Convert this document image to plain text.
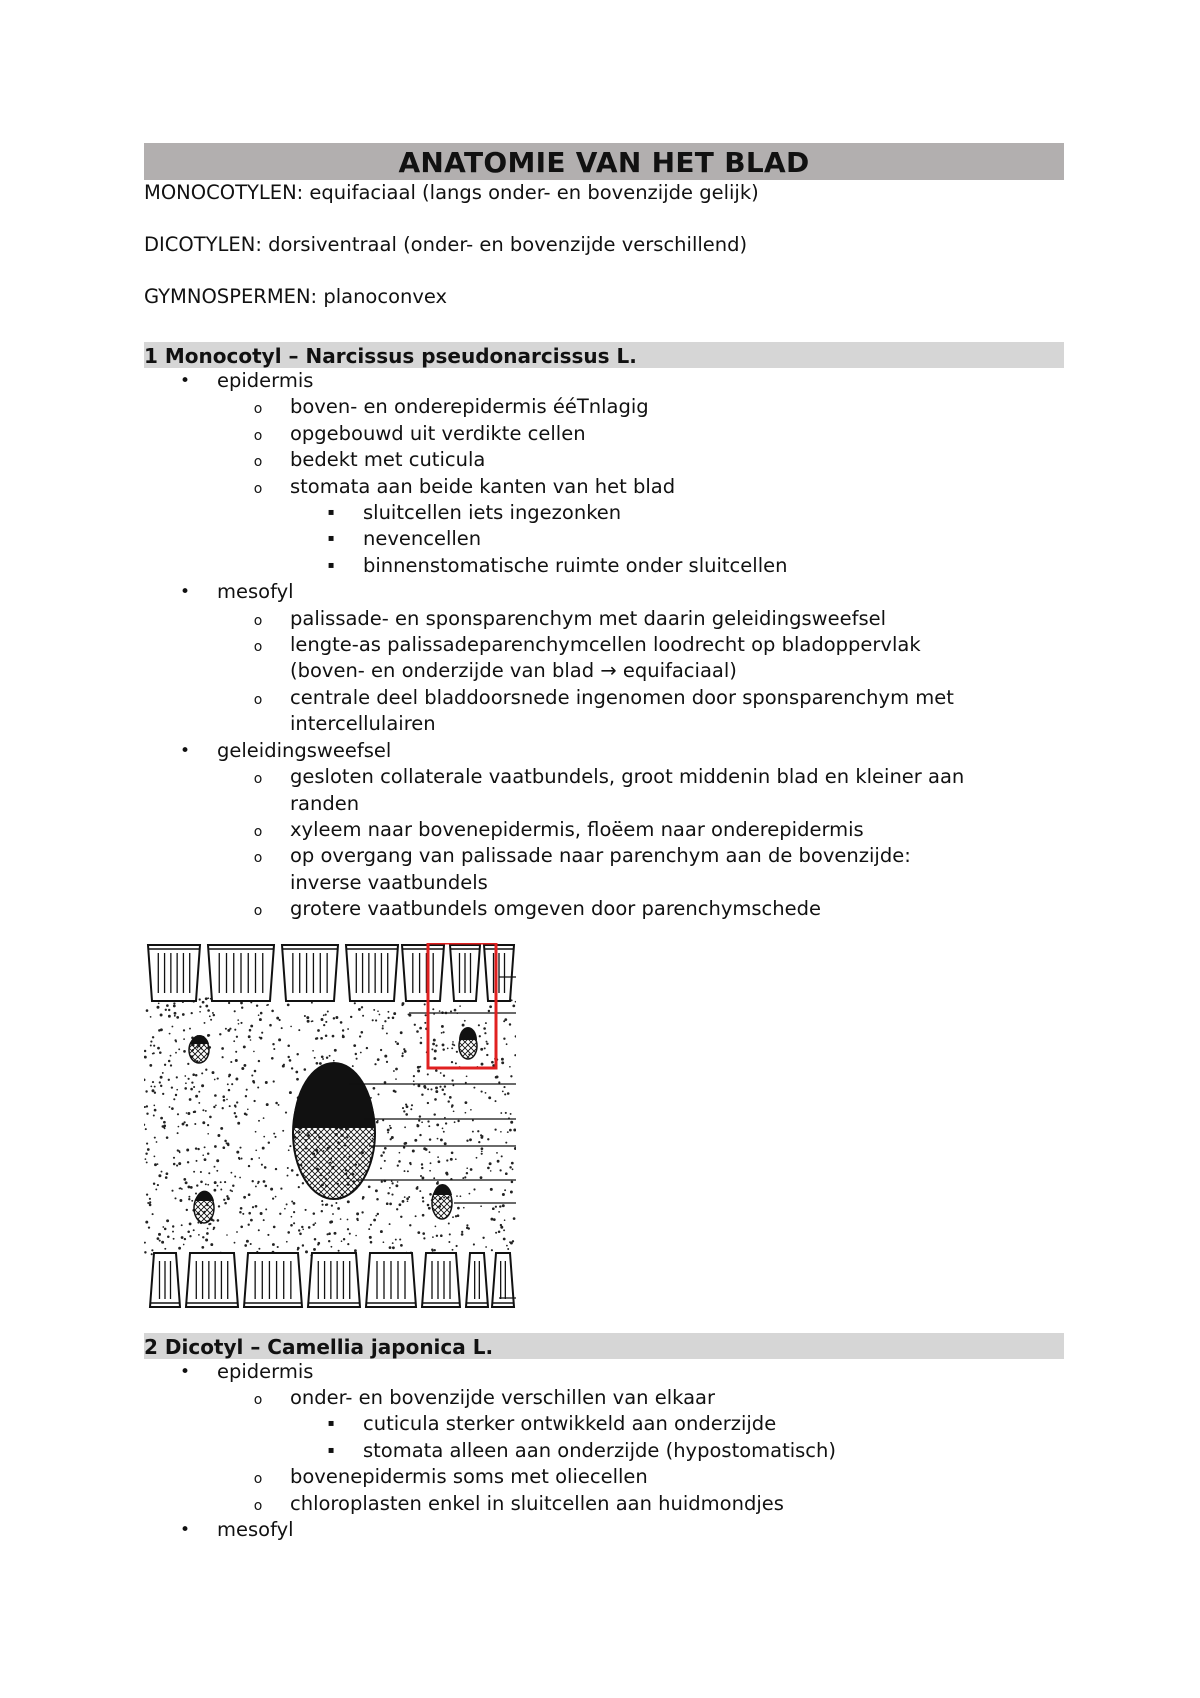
ANATOMIE VAN HET BLAD

MONOCOTYLEN: equifaciaal (langs onder- en bovenzijde gelijk)

DICOTYLEN: dorsiventraal (onder- en bovenzijde verschillend)

GYMNOSPERMEN: planoconvex

1 Monocotyl – Narcissus pseudonarcissus L.
• epidermis
o boven- en onderepidermis ééTnlagig
o opgebouwd uit verdikte cellen
o bedekt met cuticula
o stomata aan beide kanten van het blad
▪	sluitcellen iets ingezonken
▪	nevencellen
▪	binnenstomatische ruimte onder sluitcellen
• mesofyl
o palissade- en sponsparenchym met daarin geleidingsweefsel
o lengte-as palissadeparenchymcellen loodrecht op bladoppervlak
(boven- en onderzijde van blad → equifaciaal)
o centrale deel bladdoorsnede ingenomen door sponsparenchym met
intercellulairen
• geleidingsweefsel
o gesloten collaterale vaatbundels, groot middenin blad en kleiner aan
randen
o xyleem naar bovenepidermis, floëem naar onderepidermis
o op overgang van palissade naar parenchym aan de bovenzijde:
inverse vaatbundels
o grotere vaatbundels omgeven door parenchymschede
2 Dicotyl – Camellia japonica L.
• epidermis
o onder- en bovenzijde verschillen van elkaar
▪	cuticula sterker ontwikkeld aan onderzijde
▪	stomata alleen aan onderzijde (hypostomatisch)
o bovenepidermis soms met oliecellen
o chloroplasten enkel in sluitcellen aan huidmondjes
• mesofyl
